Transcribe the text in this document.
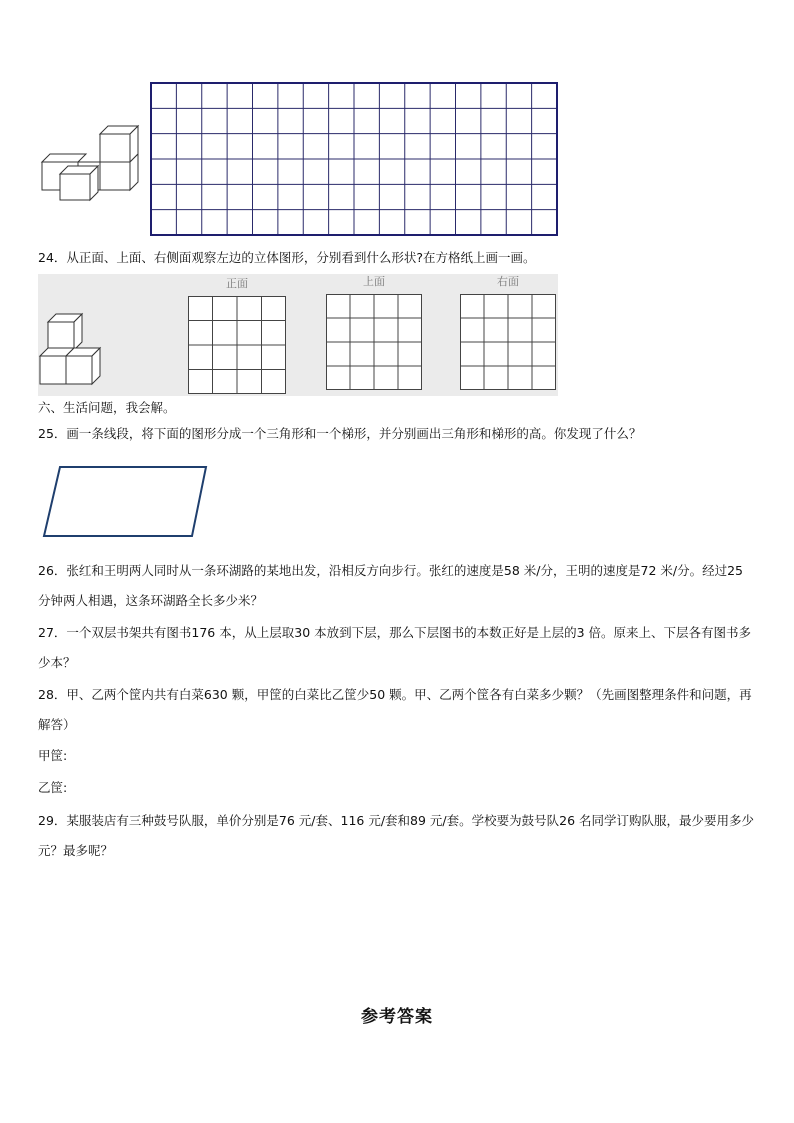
24．从正面、上面、右侧面观察左边的立体图形，分别看到什么形状?在方格纸上画一画。
正面	上面	右面
六、生活问题，我会解。
25．画一条线段，将下面的图形分成一个三角形和一个梯形，并分别画出三角形和梯形的高。你发现了什么？
26．张红和王明两人同时从一条环湖路的某地出发，沿相反方向步行。张红的速度是58 米/分，王明的速度是72 米/分。经过25 分钟两人相遇，这条环湖路全长多少米？
27．一个双层书架共有图书176 本，从上层取30 本放到下层，那么下层图书的本数正好是上层的3 倍。原来上、下层各有图书多少本？
28．甲、乙两个筐内共有白菜630 颗，甲筐的白菜比乙筐少50 颗。甲、乙两个筐各有白菜多少颗？（先画图整理条件和问题，再解答）
甲筐:
乙筐:
29．某服装店有三种鼓号队服，单价分别是76 元/套、116 元/套和89 元/套。学校要为鼓号队26 名同学订购队服，最少要用多少元？最多呢？
参考答案
